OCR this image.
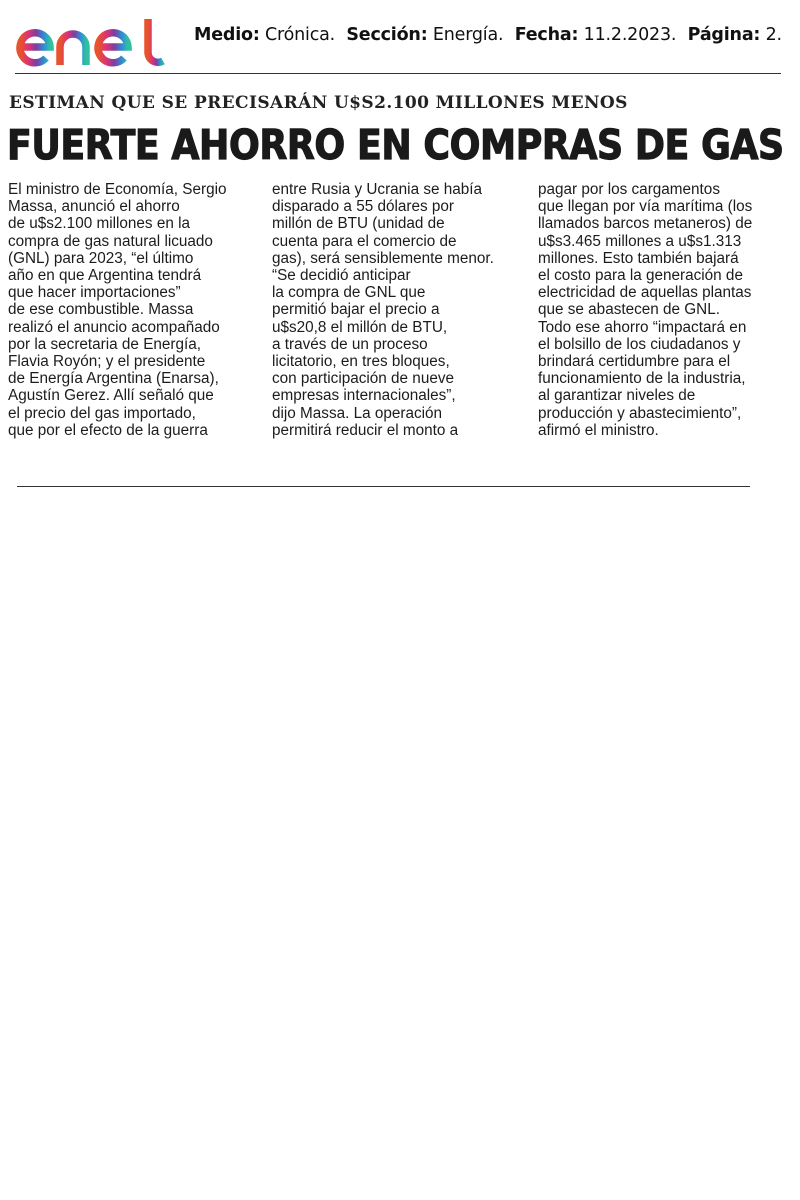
Medio: Crónica. Sección: Energía. Fecha: 11.2.2023. Página: 2.
ESTIMAN QUE SE PRECISARÁN U$S2.100 MILLONES MENOS
FUERTE AHORRO EN COMPRAS DE GAS
El ministro de Economía, Sergio
Massa, anunció el ahorro
de u$s2.100 millones en la
compra de gas natural licuado
(GNL) para 2023, “el último
año en que Argentina tendrá
que hacer importaciones”
de ese combustible. Massa
realizó el anuncio acompañado
por la secretaria de Energía,
Flavia Royón; y el presidente
de Energía Argentina (Enarsa),
Agustín Gerez. Allí señaló que
el precio del gas importado,
que por el efecto de la guerra
entre Rusia y Ucrania se había
disparado a 55 dólares por
millón de BTU (unidad de
cuenta para el comercio de
gas), será sensiblemente menor.
“Se decidió anticipar
la compra de GNL que
permitió bajar el precio a
u$s20,8 el millón de BTU,
a través de un proceso
licitatorio, en tres bloques,
con participación de nueve
empresas internacionales”,
dijo Massa. La operación
permitirá reducir el monto a
pagar por los cargamentos
que llegan por vía marítima (los
llamados barcos metaneros) de
u$s3.465 millones a u$s1.313
millones. Esto también bajará
el costo para la generación de
electricidad de aquellas plantas
que se abastecen de GNL.
Todo ese ahorro “impactará en
el bolsillo de los ciudadanos y
brindará certidumbre para el
funcionamiento de la industria,
al garantizar niveles de
producción y abastecimiento”,
afirmó el ministro.
